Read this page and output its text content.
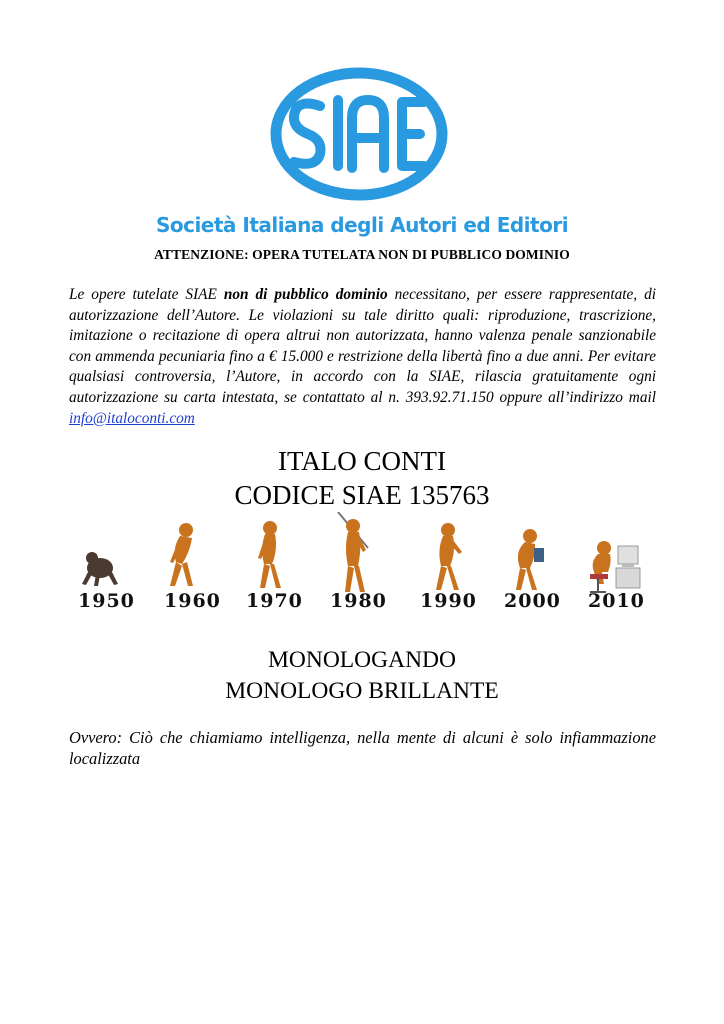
Società Italiana degli Autori ed Editori
ATTENZIONE: OPERA TUTELATA NON DI PUBBLICO DOMINIO
Le opere tutelate SIAE non di pubblico dominio necessitano, per essere rappresentate, di autorizzazione dell’Autore. Le violazioni su tale diritto quali: riproduzione, trascrizione, imitazione o recitazione di opera altrui non autorizzata, hanno valenza penale sanzionabile con ammenda pecuniaria fino a € 15.000 e restrizione della libertà fino a due anni. Per evitare qualsiasi controversia, l’Autore, in accordo con la SIAE, rilascia gratuitamente ogni autorizzazione su carta intestata, se contattato al n. 393.92.71.150 oppure all’indirizzo mail info@italoconti.com
ITALO CONTI
CODICE SIAE 135763
1950 1960 1970 1980 1990 2000 2010
MONOLOGANDO
MONOLOGO BRILLANTE
Ovvero: Ciò che chiamiamo intelligenza, nella mente di alcuni è solo infiammazione localizzata
